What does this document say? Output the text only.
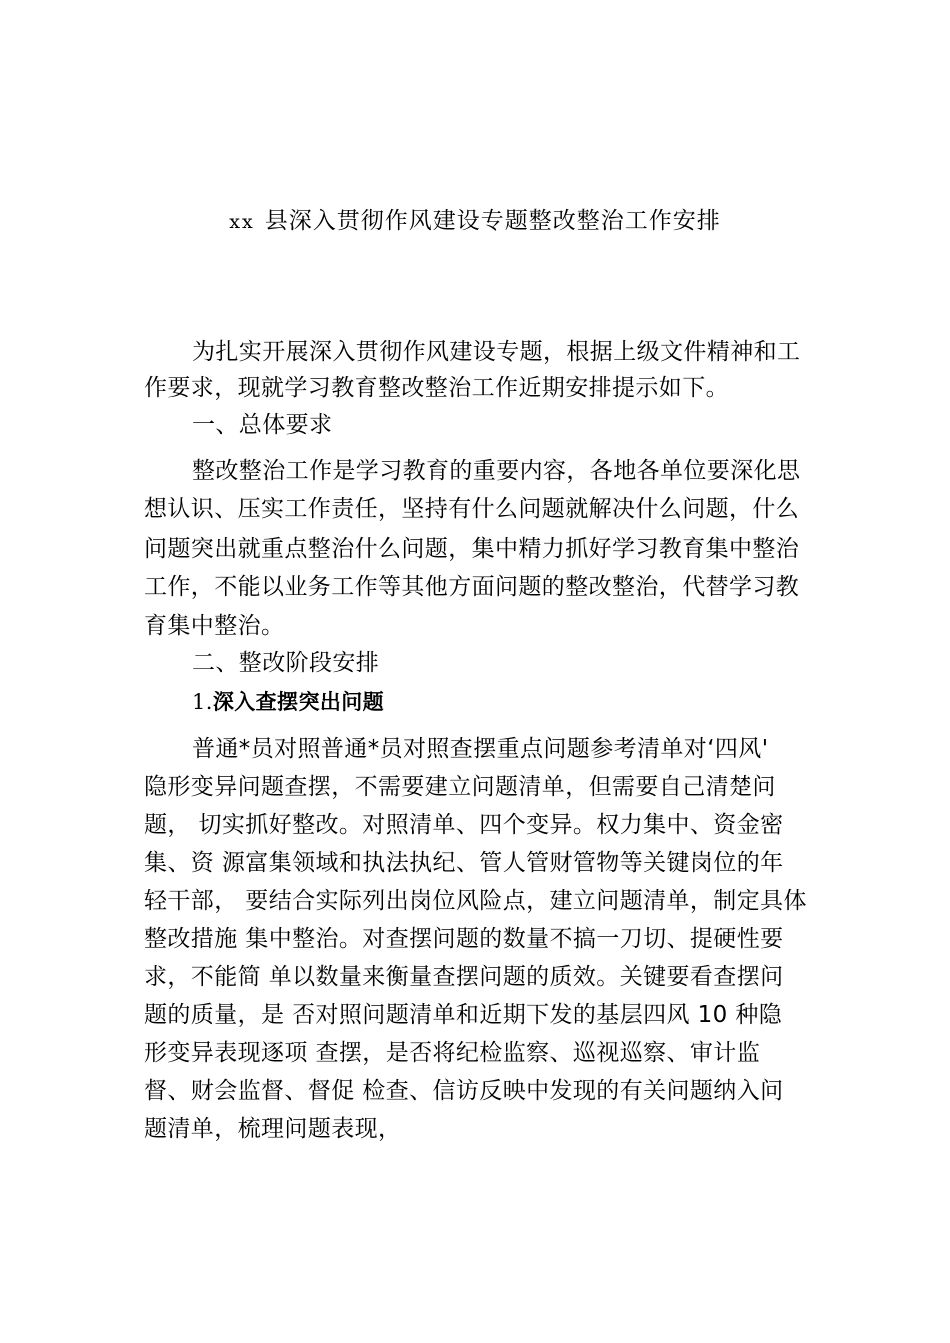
xx 县深入贯彻作风建设专题整改整治工作安排
为扎实开展深入贯彻作风建设专题，根据上级文件精神和工
作要求，现就学习教育整改整治工作近期安排提示如下。
一、总体要求
整改整治工作是学习教育的重要内容，各地各单位要深化思
想认识、压实工作责任，坚持有什么问题就解决什么问题，什么
问题突出就重点整治什么问题，集中精力抓好学习教育集中整治
工作，不能以业务工作等其他方面问题的整改整治，代替学习教
育集中整治。
二、整改阶段安排
1.深入查摆突出问题
普通*员对照普通*员对照查摆重点问题参考清单对‘四风'
隐形变异问题查摆，不需要建立问题清单，但需要自己清楚问
题， 切实抓好整改。对照清单、四个变异。权力集中、资金密
集、资 源富集领域和执法执纪、管人管财管物等关键岗位的年
轻干部， 要结合实际列出岗位风险点，建立问题清单，制定具体
整改措施 集中整治。对查摆问题的数量不搞一刀切、提硬性要
求，不能简 单以数量来衡量查摆问题的质效。关键要看查摆问
题的质量，是 否对照问题清单和近期下发的基层四风 10 种隐
形变异表现逐项 查摆，是否将纪检监察、巡视巡察、审计监
督、财会监督、督促 检查、信访反映中发现的有关问题纳入问
题清单，梳理问题表现，
